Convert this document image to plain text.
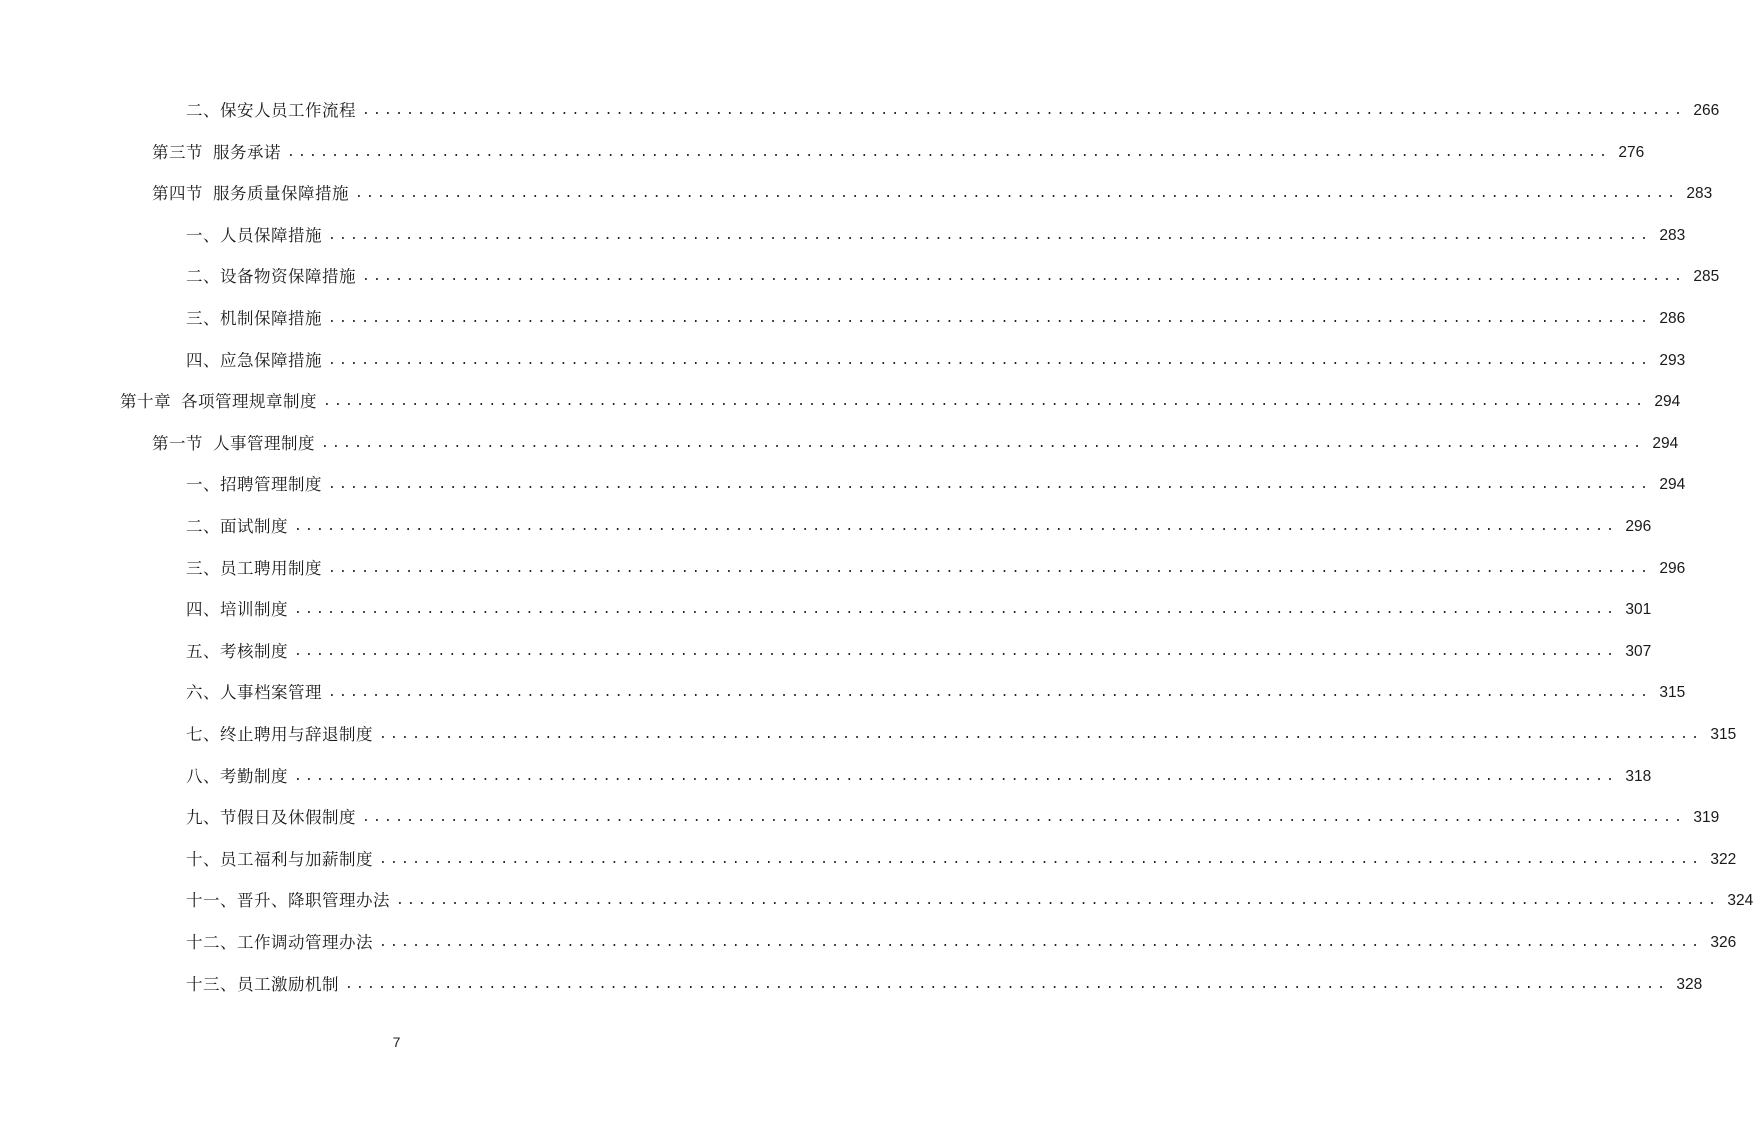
二、保安人员工作流程 ........................................................................................................................ 266
第三节 服务承诺 ........................................................................................................................ 276
第四节 服务质量保障措施 ........................................................................................................................ 283
一、人员保障措施 ........................................................................................................................ 283
二、设备物资保障措施 ........................................................................................................................ 285
三、机制保障措施 ........................................................................................................................ 286
四、应急保障措施 ........................................................................................................................ 293
第十章 各项管理规章制度 ........................................................................................................................ 294
第一节 人事管理制度 ........................................................................................................................ 294
一、招聘管理制度 ........................................................................................................................ 294
二、面试制度 ........................................................................................................................ 296
三、员工聘用制度 ........................................................................................................................ 296
四、培训制度 ........................................................................................................................ 301
五、考核制度 ........................................................................................................................ 307
六、人事档案管理 ........................................................................................................................ 315
七、终止聘用与辞退制度 ........................................................................................................................ 315
八、考勤制度 ........................................................................................................................ 318
九、节假日及休假制度 ........................................................................................................................ 319
十、员工福利与加薪制度 ........................................................................................................................ 322
十一、晋升、降职管理办法 ........................................................................................................................ 324
十二、工作调动管理办法 ........................................................................................................................ 326
十三、员工激励机制 ........................................................................................................................ 328
7
